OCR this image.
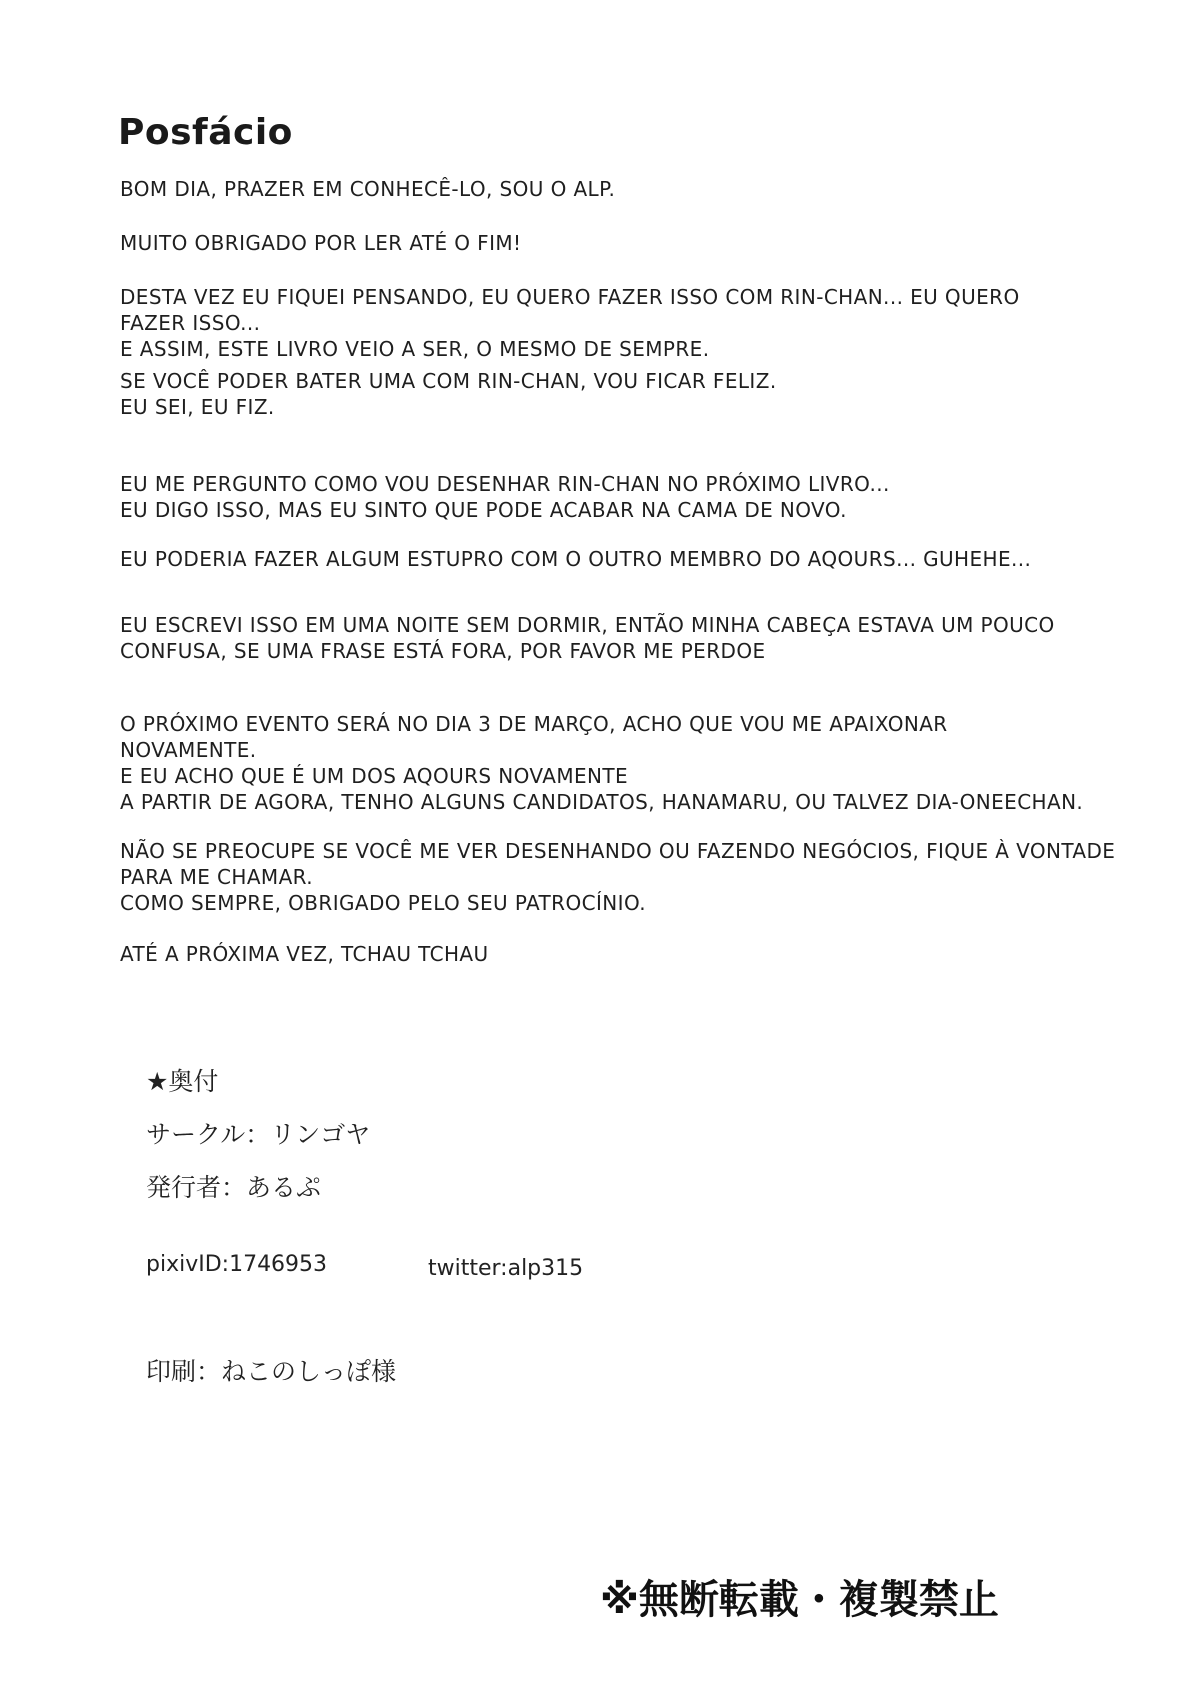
Posfácio
BOM DIA, PRAZER EM CONHECÊ-LO, SOU O ALP.
MUITO OBRIGADO POR LER ATÉ O FIM!
DESTA VEZ EU FIQUEI PENSANDO, EU QUERO FAZER ISSO COM RIN-CHAN... EU QUERO
FAZER ISSO...
E ASSIM, ESTE LIVRO VEIO A SER, O MESMO DE SEMPRE.
SE VOCÊ PODER BATER UMA COM RIN-CHAN, VOU FICAR FELIZ.
EU SEI, EU FIZ.
EU ME PERGUNTO COMO VOU DESENHAR RIN-CHAN NO PRÓXIMO LIVRO...
EU DIGO ISSO, MAS EU SINTO QUE PODE ACABAR NA CAMA DE NOVO.
EU PODERIA FAZER ALGUM ESTUPRO COM O OUTRO MEMBRO DO AQOURS... GUHEHE...
EU ESCREVI ISSO EM UMA NOITE SEM DORMIR, ENTÃO MINHA CABEÇA ESTAVA UM POUCO
CONFUSA, SE UMA FRASE ESTÁ FORA, POR FAVOR ME PERDOE
O PRÓXIMO EVENTO SERÁ NO DIA 3 DE MARÇO, ACHO QUE VOU ME APAIXONAR
NOVAMENTE.
E EU ACHO QUE É UM DOS AQOURS NOVAMENTE
A PARTIR DE AGORA, TENHO ALGUNS CANDIDATOS, HANAMARU, OU TALVEZ DIA-ONEECHAN.
NÃO SE PREOCUPE SE VOCÊ ME VER DESENHANDO OU FAZENDO NEGÓCIOS, FIQUE À VONTADE
PARA ME CHAMAR.
COMO SEMPRE, OBRIGADO PELO SEU PATROCÍNIO.
ATÉ A PRÓXIMA VEZ, TCHAU TCHAU
★奥付
サークル：リンゴヤ
発行者：あるぷ
pixivID:1746953	twitter:alp315
印刷：ねこのしっぽ様
※無断転載・複製禁止
